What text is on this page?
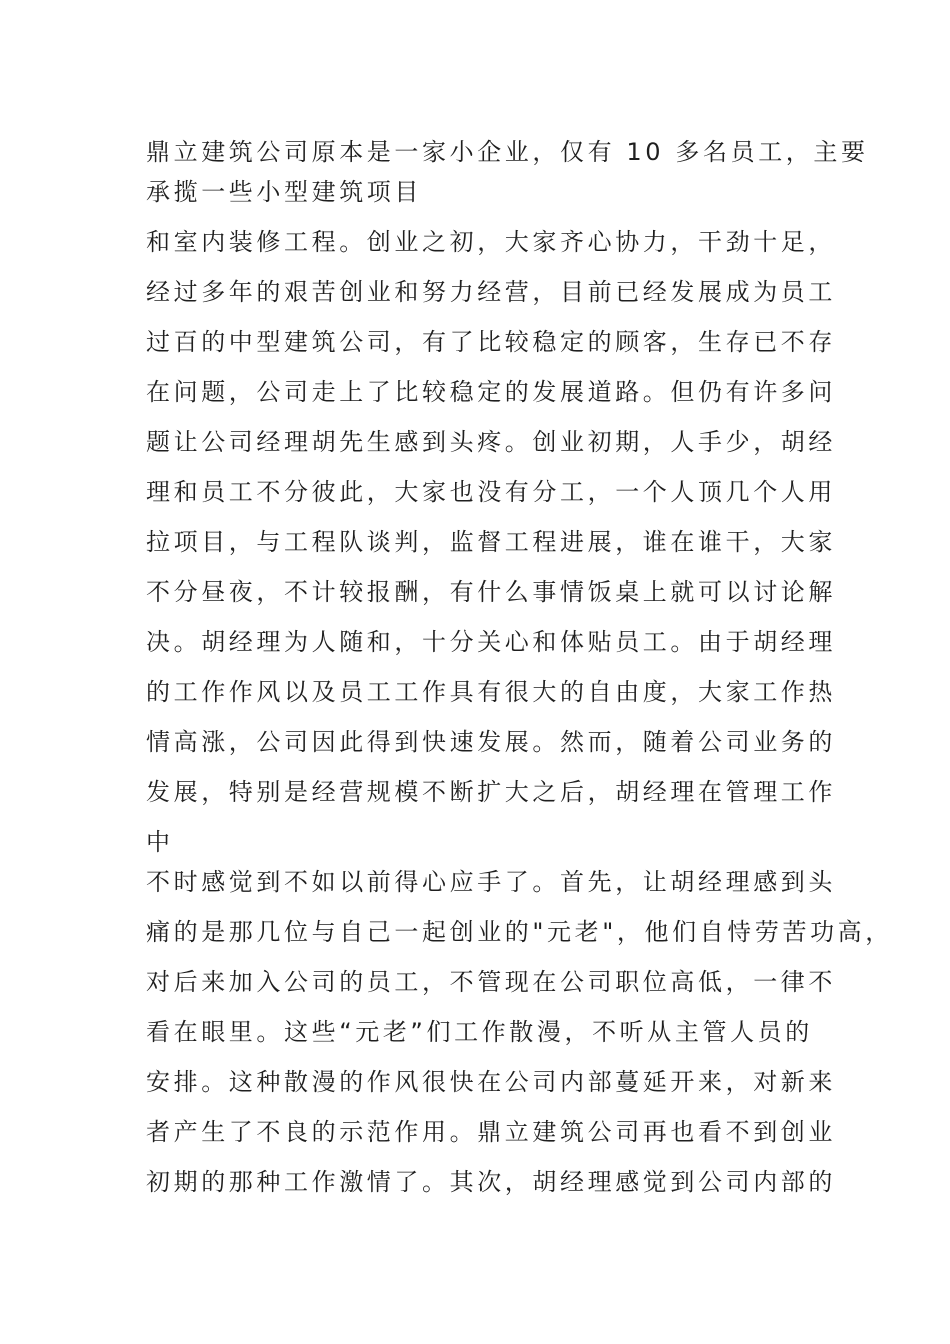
鼎立建筑公司原本是一家小企业，仅有 10 多名员工，主要
承揽一些小型建筑项目
和室内装修工程。创业之初，大家齐心协力，干劲十足，
经过多年的艰苦创业和努力经营，目前已经发展成为员工
过百的中型建筑公司，有了比较稳定的顾客，生存已不存
在问题，公司走上了比较稳定的发展道路。但仍有许多问
题让公司经理胡先生感到头疼。创业初期，人手少，胡经
理和员工不分彼此，大家也没有分工，一个人顶几个人用
拉项目，与工程队谈判，监督工程进展，谁在谁干，大家
不分昼夜，不计较报酬，有什么事情饭桌上就可以讨论解
决。胡经理为人随和，十分关心和体贴员工。由于胡经理
的工作作风以及员工工作具有很大的自由度，大家工作热
情高涨，公司因此得到快速发展。然而，随着公司业务的
发展，特别是经营规模不断扩大之后，胡经理在管理工作
中
不时感觉到不如以前得心应手了。首先，让胡经理感到头
痛的是那几位与自己一起创业的"元老"，他们自恃劳苦功高，
对后来加入公司的员工，不管现在公司职位高低，一律不
看在眼里。这些“元老”们工作散漫，不听从主管人员的
安排。这种散漫的作风很快在公司内部蔓延开来，对新来
者产生了不良的示范作用。鼎立建筑公司再也看不到创业
初期的那种工作激情了。其次，胡经理感觉到公司内部的
